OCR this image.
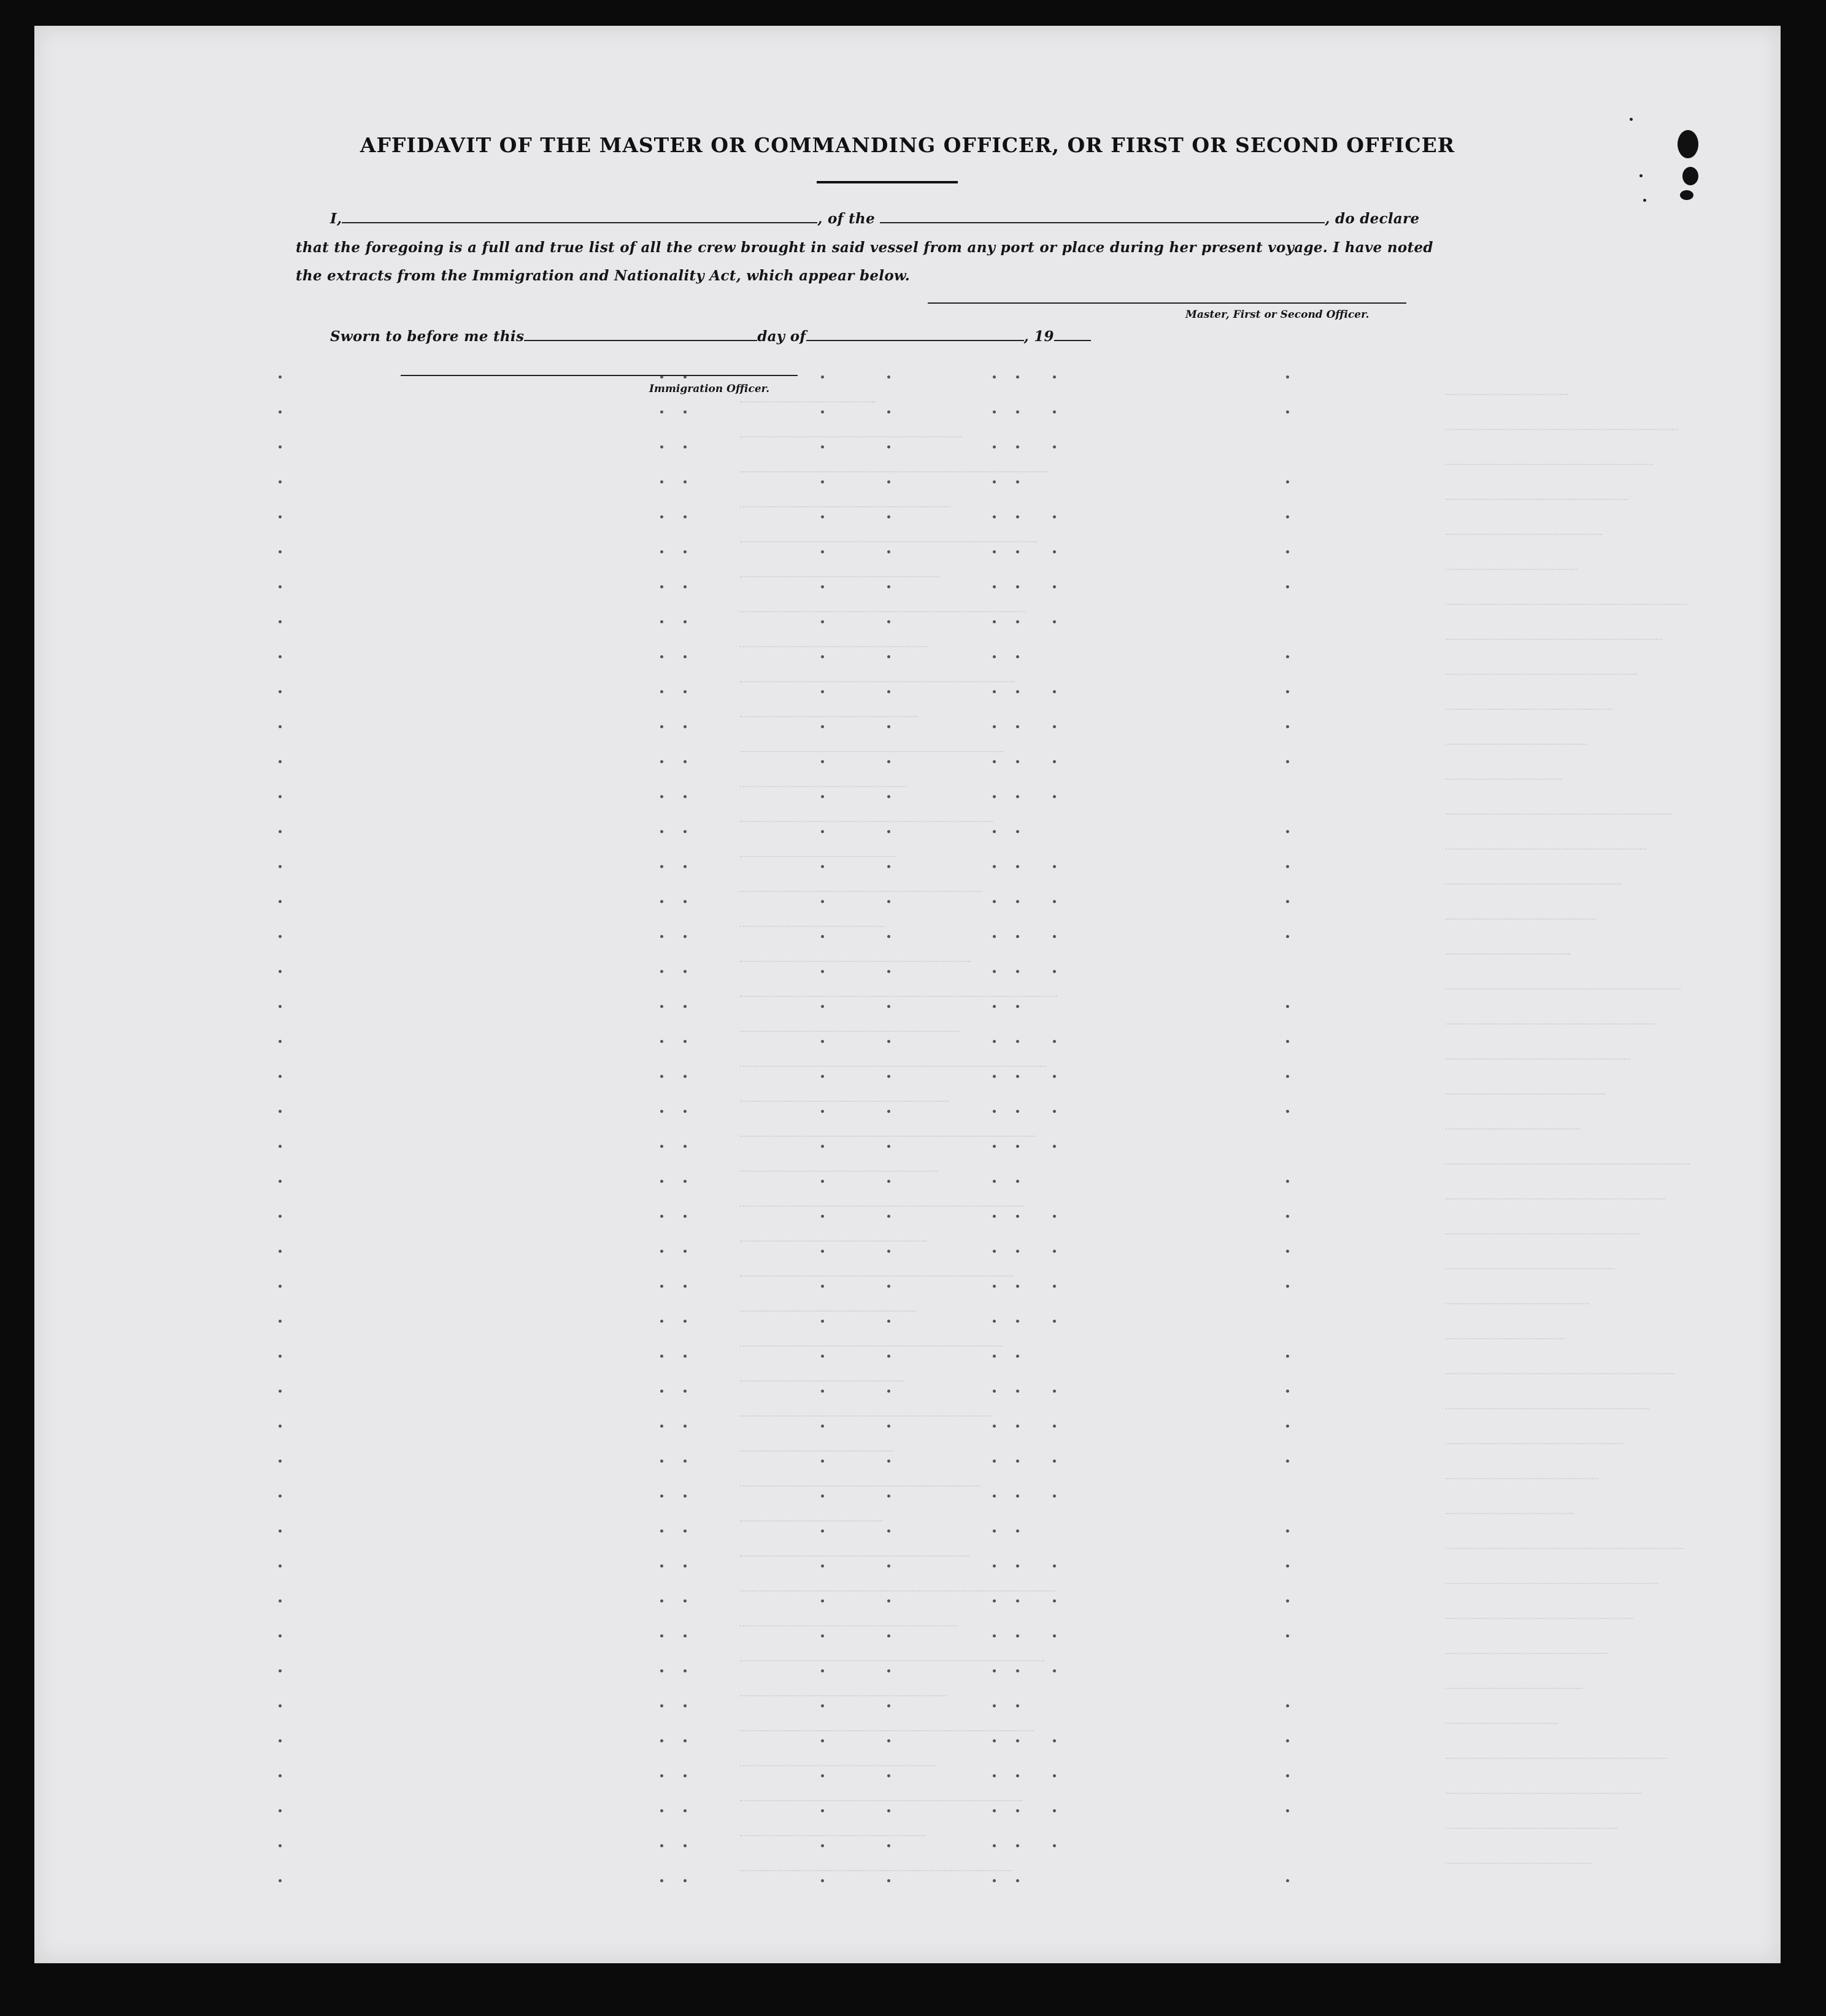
AFFIDAVIT OF THE MASTER OR COMMANDING OFFICER, OR FIRST OR SECOND OFFICER
I,	, of the	, do declare
that the foregoing is a full and true list of all the crew brought in said vessel from any port or place during her present voyage. I have noted
the extracts from the Immigration and Nationality Act, which appear below.
Master, First or Second Officer.
Sworn to before me this	day of	, 19
Immigration Officer.
